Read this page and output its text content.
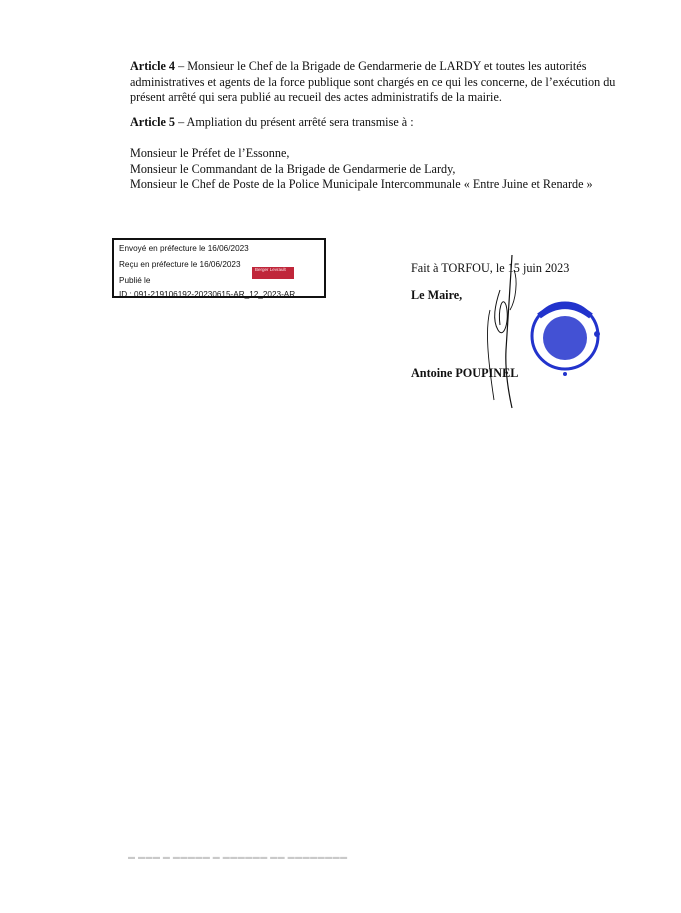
Article 4 – Monsieur le Chef de la Brigade de Gendarmerie de LARDY et toutes les autorités administratives et agents de la force publique sont chargés en ce qui les concerne, de l’exécution du présent arrêté qui sera publié au recueil des actes administratifs de la mairie.
Article 5 – Ampliation du présent arrêté sera transmise à :
Monsieur le Préfet de l’Essonne,
Monsieur le Commandant de la Brigade de Gendarmerie de Lardy,
Monsieur le Chef de Poste de la Police Municipale Intercommunale « Entre Juine et Renarde »
Envoyé en préfecture le 16/06/2023
Reçu en préfecture le 16/06/2023
Publié le
ID : 091-219106192-20230615-AR_12_2023-AR
Berger Levrault	Fait à TORFOU, le 15 juin 2023
Le Maire,
Antoine POUPINEL
▬ ▬▬▬ ▬ ▬▬▬▬▬ ▬ ▬▬▬▬▬▬ ▬▬ ▬▬▬▬▬▬▬▬
